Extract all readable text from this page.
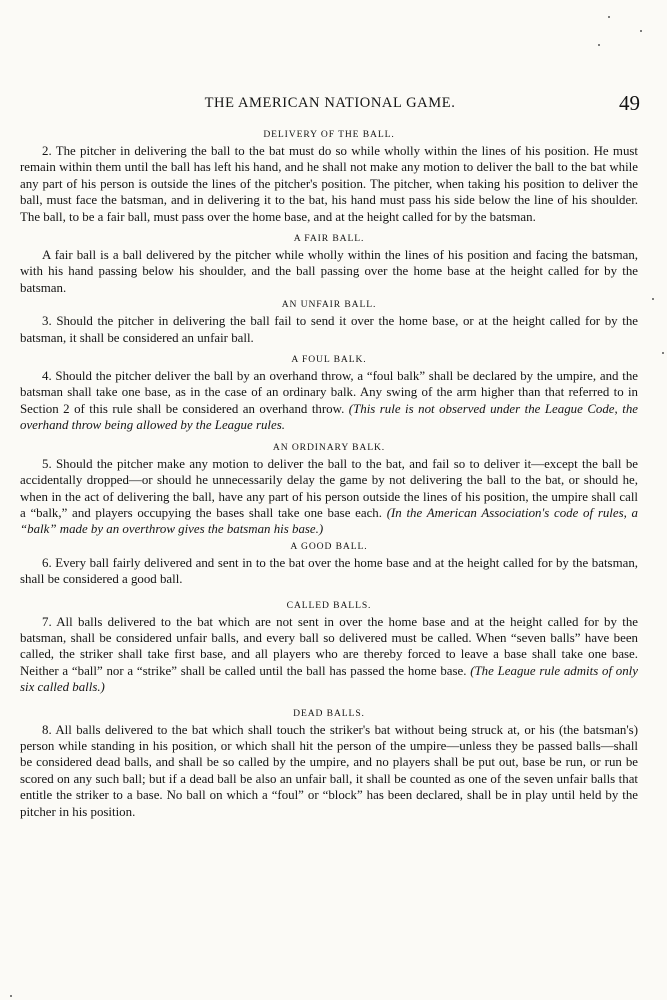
THE AMERICAN NATIONAL GAME.	49
DELIVERY OF THE BALL.

2. The pitcher in delivering the ball to the bat must do so while wholly within the lines of his position. He must remain within them until the ball has left his hand, and he shall not make any motion to deliver the ball to the bat while any part of his person is outside the lines of the pitcher's position. The pitcher, when taking his position to deliver the ball, must face the batsman, and in delivering it to the bat, his hand must pass his side below the line of his shoulder. The ball, to be a fair ball, must pass over the home base, and at the height called for by the batsman.

A FAIR BALL.

A fair ball is a ball delivered by the pitcher while wholly within the lines of his position and facing the batsman, with his hand passing below his shoulder, and the ball passing over the home base at the height called for by the batsman.

AN UNFAIR BALL.

3. Should the pitcher in delivering the ball fail to send it over the home base, or at the height called for by the batsman, it shall be considered an unfair ball.

A FOUL BALK.

4. Should the pitcher deliver the ball by an overhand throw, a “foul balk” shall be declared by the umpire, and the batsman shall take one base, as in the case of an ordinary balk. Any swing of the arm higher than that referred to in Section 2 of this rule shall be considered an overhand throw. (This rule is not observed under the League Code, the overhand throw being allowed by the League rules.

AN ORDINARY BALK.

5. Should the pitcher make any motion to deliver the ball to the bat, and fail so to deliver it—except the ball be accidentally dropped—or should he unnecessarily delay the game by not delivering the ball to the bat, or should he, when in the act of delivering the ball, have any part of his person outside the lines of his position, the umpire shall call a “balk,” and players occupying the bases shall take one base each. (In the American Association's code of rules, a “balk” made by an overthrow gives the batsman his base.)

A GOOD BALL.

6. Every ball fairly delivered and sent in to the bat over the home base and at the height called for by the batsman, shall be considered a good ball.

CALLED BALLS.

7. All balls delivered to the bat which are not sent in over the home base and at the height called for by the batsman, shall be considered unfair balls, and every ball so delivered must be called. When “seven balls” have been called, the striker shall take first base, and all players who are thereby forced to leave a base shall take one base. Neither a “ball” nor a “strike” shall be called until the ball has passed the home base. (The League rule admits of only six called balls.)

DEAD BALLS.

8. All balls delivered to the bat which shall touch the striker's bat without being struck at, or his (the batsman's) person while standing in his position, or which shall hit the person of the umpire—unless they be passed balls—shall be considered dead balls, and shall be so called by the umpire, and no players shall be put out, base be run, or run be scored on any such ball; but if a dead ball be also an unfair ball, it shall be counted as one of the seven unfair balls that entitle the striker to a base. No ball on which a “foul” or “block” has been declared, shall be in play until held by the pitcher in his position.
